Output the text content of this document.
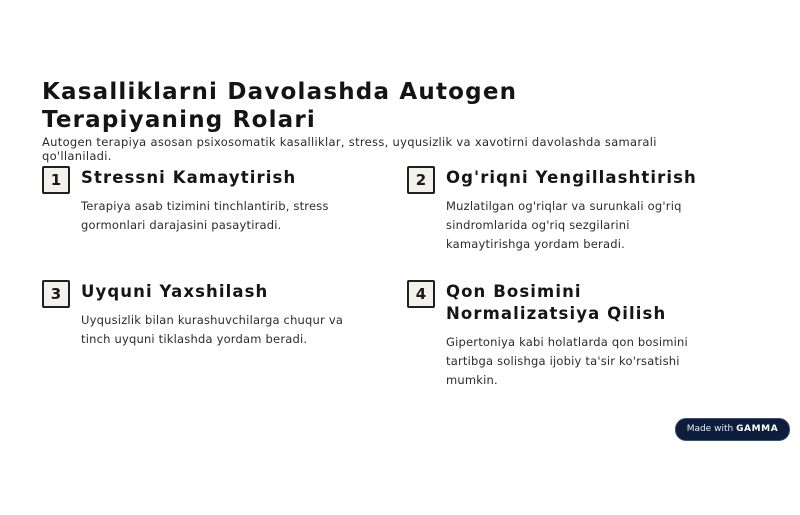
Kasalliklarni Davolashda Autogen Terapiyaning Rolari
Autogen terapiya asosan psixosomatik kasalliklar, stress, uyqusizlik va xavotirni davolashda samarali qo'llaniladi.
1	Stressni Kamaytirish
Terapiya asab tizimini tinchlantirib, stress gormonlari darajasini pasaytiradi.
2	Og'riqni Yengillashtirish
Muzlatilgan og'riqlar va surunkali og'riq sindromlarida og'riq sezgilarini kamaytirishga yordam beradi.
3	Uyquni Yaxshilash
Uyqusizlik bilan kurashuvchilarga chuqur va tinch uyquni tiklashda yordam beradi.
4	Qon Bosimini Normalizatsiya Qilish
Gipertoniya kabi holatlarda qon bosimini tartibga solishga ijobiy ta'sir ko'rsatishi mumkin.
Made with GAMMA
